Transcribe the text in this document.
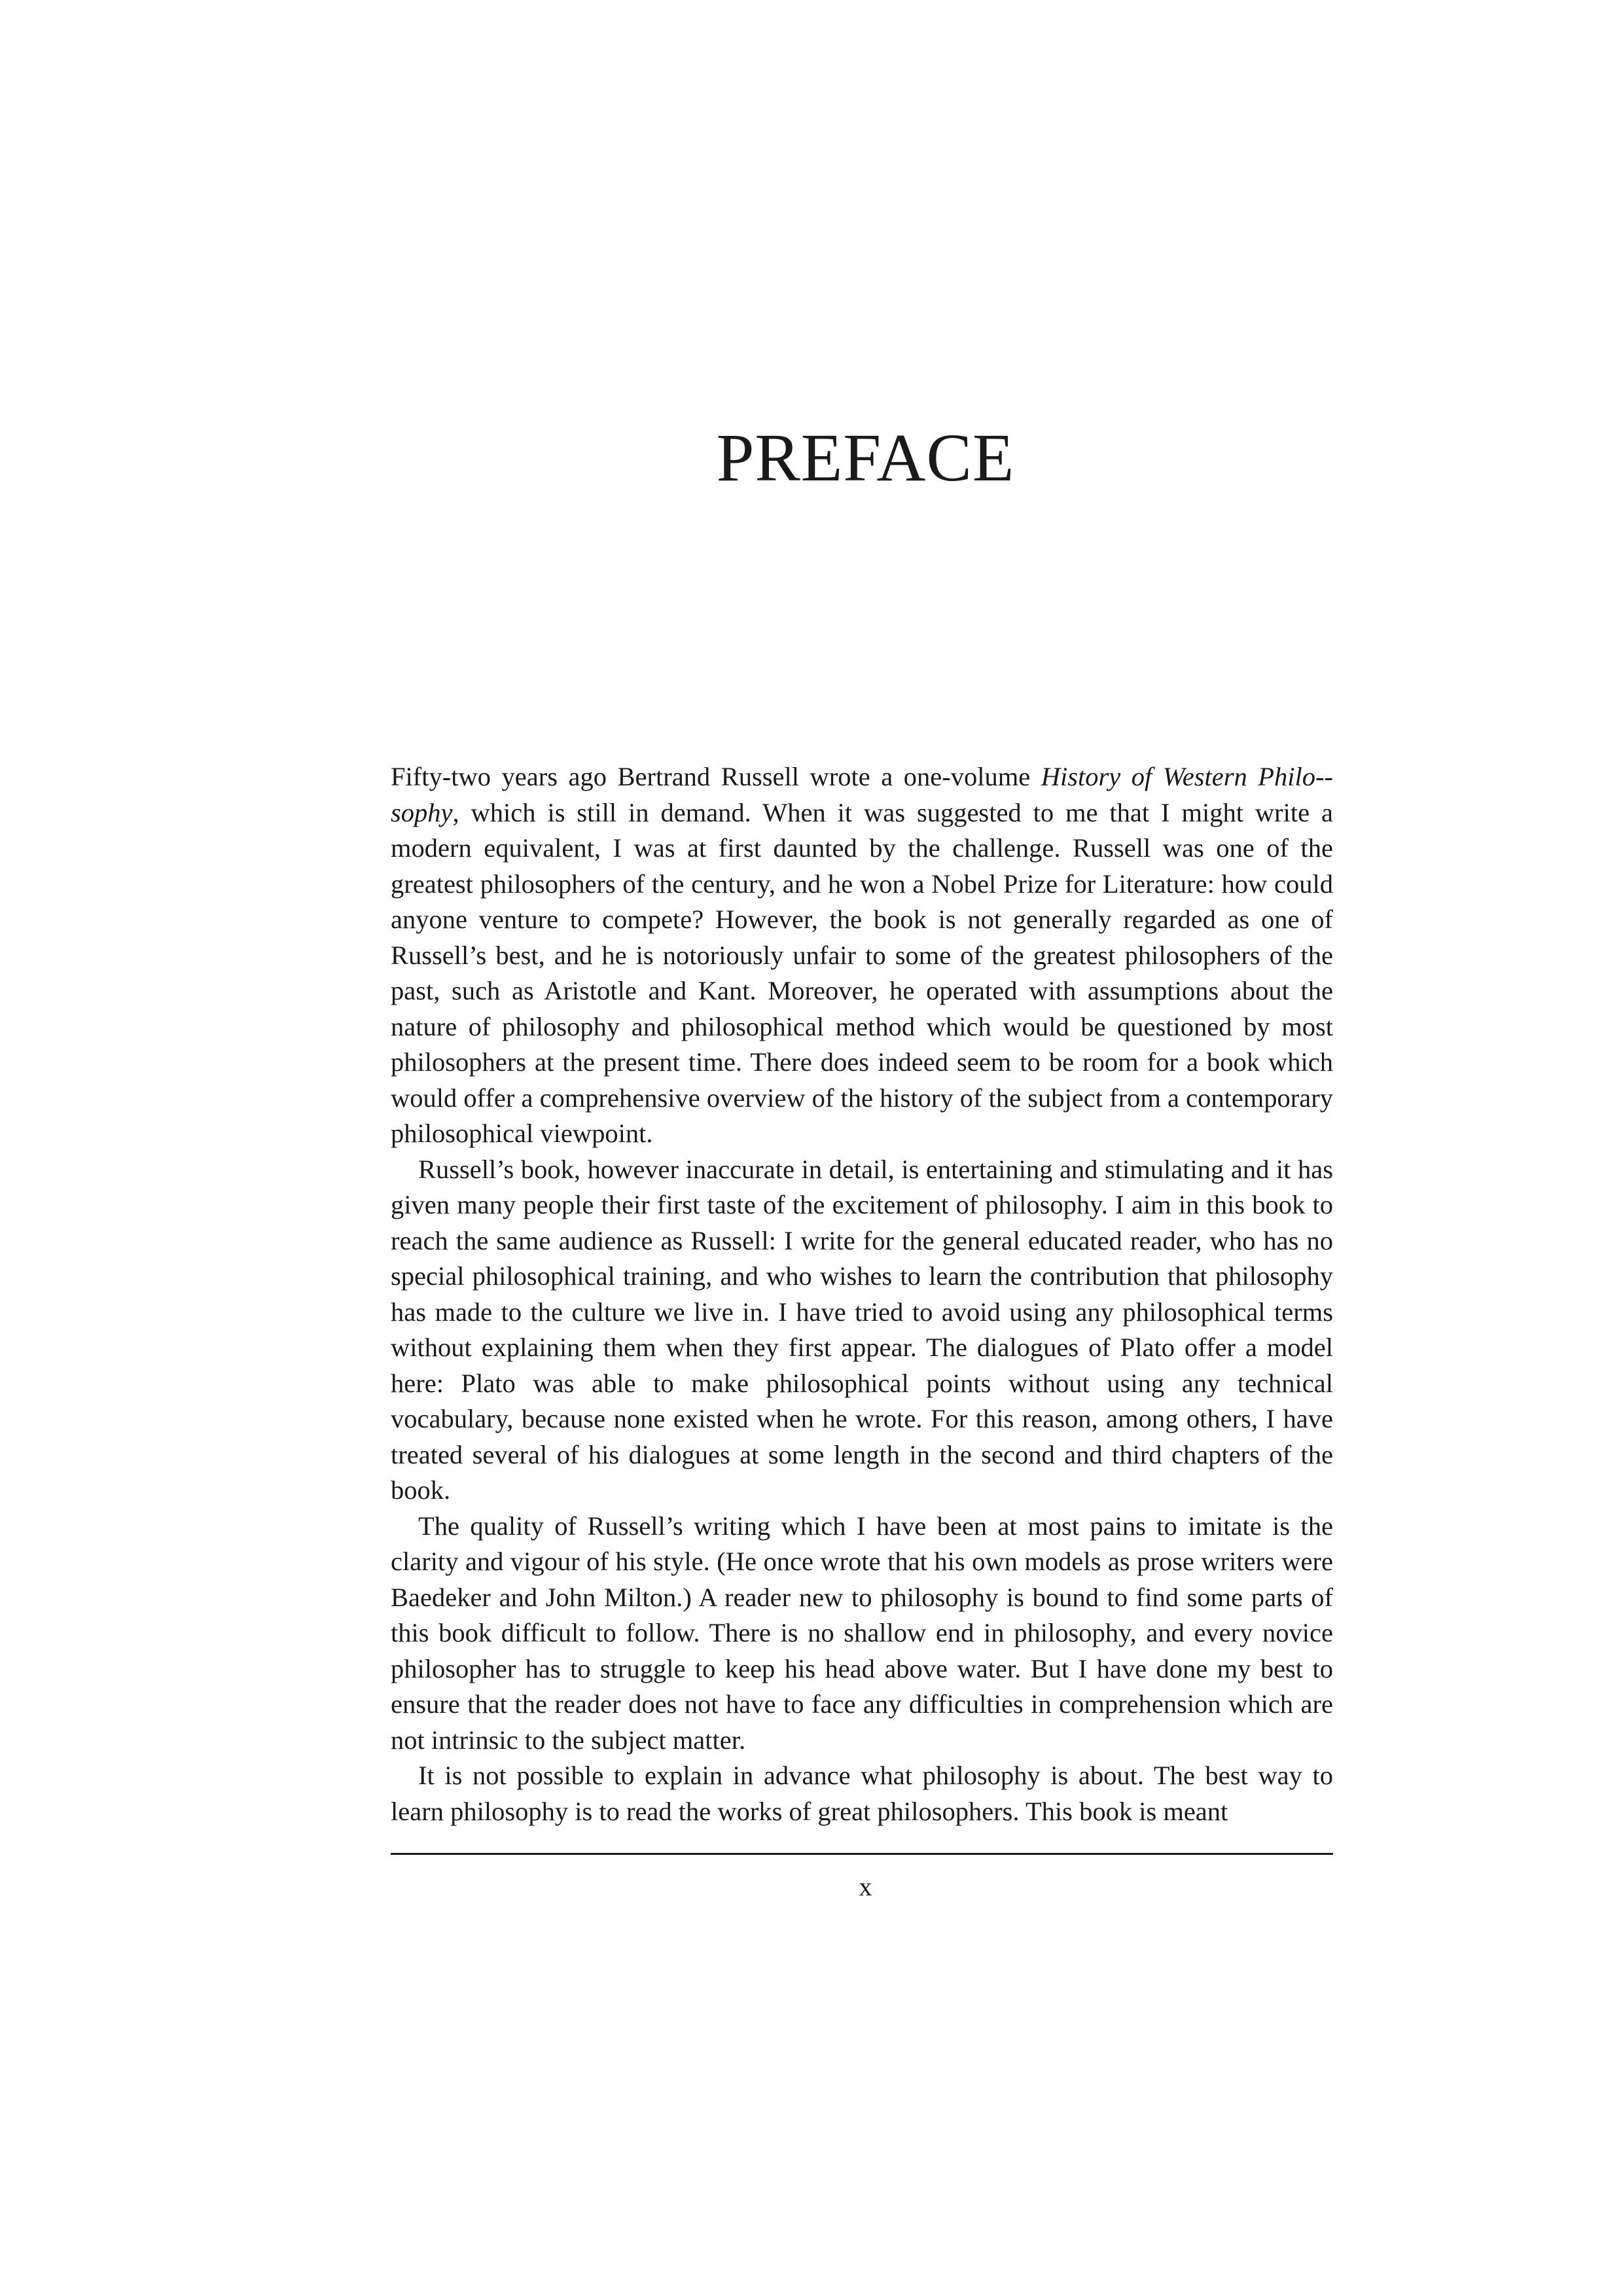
PREFACE

Fifty-two years ago Bertrand Russell wrote a one-volume History of Western Philo-sophy, which is still in demand. When it was suggested to me that I might write a modern equivalent, I was at first daunted by the challenge. Russell was one of the greatest philosophers of the century, and he won a Nobel Prize for Literature: how could anyone venture to compete? However, the book is not generally regarded as one of Russell’s best, and he is notoriously unfair to some of the greatest philosophers of the past, such as Aristotle and Kant. Moreover, he operated with assumptions about the nature of philosophy and philosophical method which would be questioned by most philosophers at the present time. There does indeed seem to be room for a book which would offer a comprehensive overview of the history of the subject from a contemporary philosophical viewpoint.

Russell’s book, however inaccurate in detail, is entertaining and stimulating and it has given many people their first taste of the excitement of philosophy. I aim in this book to reach the same audience as Russell: I write for the general educated reader, who has no special philosophical training, and who wishes to learn the contribution that philosophy has made to the culture we live in. I have tried to avoid using any philosophical terms without explaining them when they first appear. The dialogues of Plato offer a model here: Plato was able to make philosophical points without using any technical vocabulary, because none existed when he wrote. For this reason, among others, I have treated several of his dialogues at some length in the second and third chapters of the book.

The quality of Russell’s writing which I have been at most pains to imitate is the clarity and vigour of his style. (He once wrote that his own models as prose writers were Baedeker and John Milton.) A reader new to philosophy is bound to find some parts of this book difficult to follow. There is no shallow end in philosophy, and every novice philosopher has to struggle to keep his head above water. But I have done my best to ensure that the reader does not have to face any difficulties in comprehension which are not intrinsic to the subject matter.

It is not possible to explain in advance what philosophy is about. The best way to learn philosophy is to read the works of great philosophers. This book is meant

x
